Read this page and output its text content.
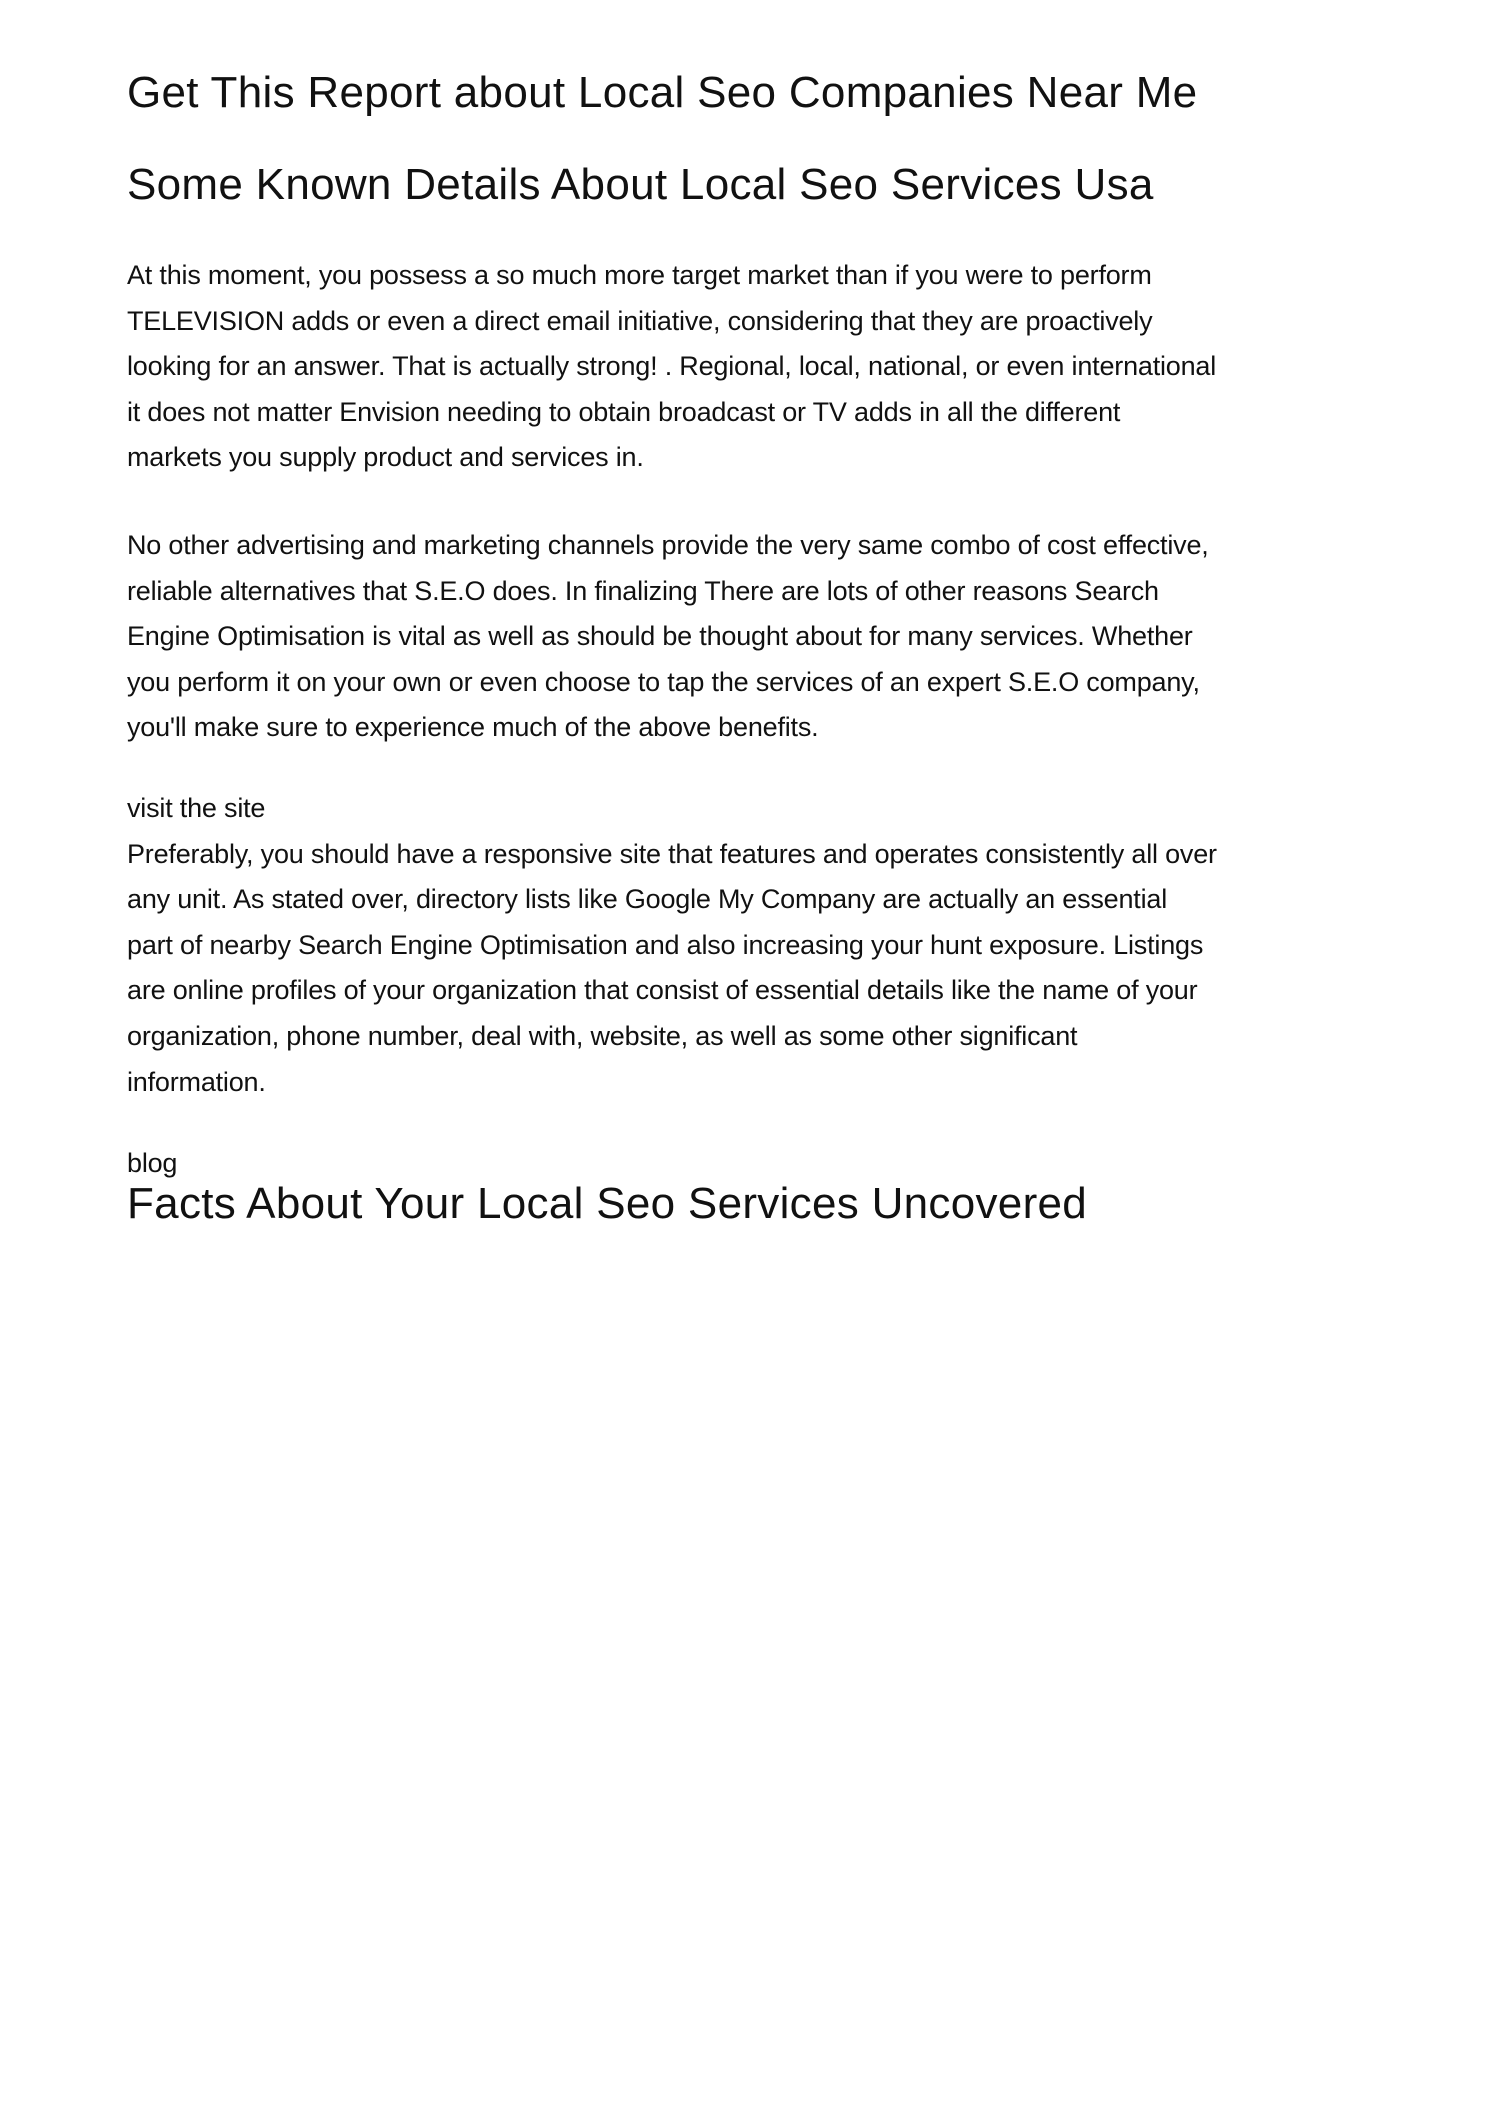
Get This Report about Local Seo Companies Near Me
Some Known Details About Local Seo Services Usa
At this moment, you possess a so much more target market than if you were to perform
TELEVISION adds or even a direct email initiative, considering that they are proactively
looking for an answer. That is actually strong! . Regional, local, national, or even international
it does not matter Envision needing to obtain broadcast or TV adds in all the different
markets you supply product and services in.
No other advertising and marketing channels provide the very same combo of cost effective,
reliable alternatives that S.E.O does. In finalizing There are lots of other reasons Search
Engine Optimisation is vital as well as should be thought about for many services. Whether
you perform it on your own or even choose to tap the services of an expert S.E.O company,
you'll make sure to experience much of the above benefits.
visit the site
Preferably, you should have a responsive site that features and operates consistently all over
any unit. As stated over, directory lists like Google My Company are actually an essential
part of nearby Search Engine Optimisation and also increasing your hunt exposure. Listings
are online profiles of your organization that consist of essential details like the name of your
organization, phone number, deal with, website, as well as some other significant
information.
blog
Facts About Your Local Seo Services Uncovered
